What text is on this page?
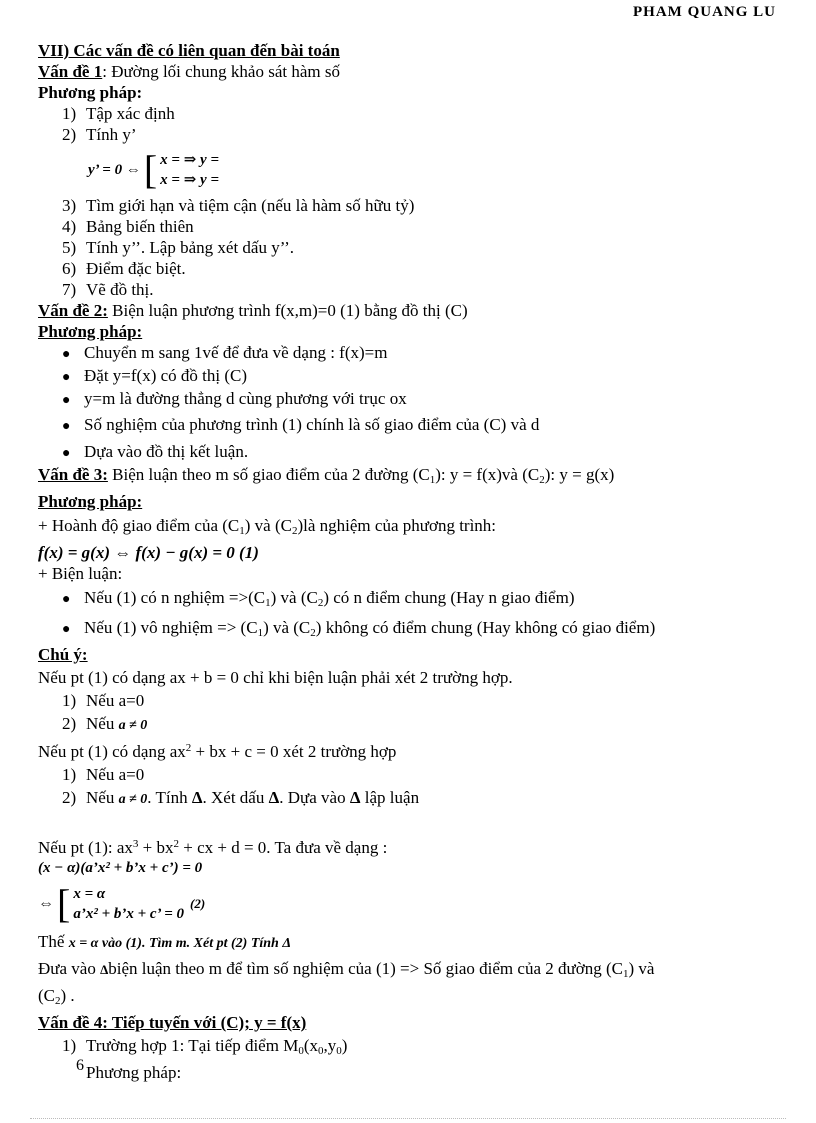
PHAM QUANG LU
VII) Các vấn đề có liên quan đến bài toán
Vấn đề 1: Đường lối chung khảo sát hàm số
Phương pháp:
1) Tập xác định
2) Tính y’
y’ = 0 ⇔ [ x = ⇒ y =
x = ⇒ y =
3) Tìm giới hạn và tiệm cận (nếu là hàm số hữu tỷ)
4) Bảng biến thiên
5) Tính y’’. Lập bảng xét dấu y’’.
6) Điểm đặc biệt.
7) Vẽ đồ thị.
Vấn đề 2: Biện luận phương trình f(x,m)=0 (1) bằng đồ thị (C)
Phương pháp:
● Chuyển m sang 1vế để đưa về dạng : f(x)=m
● Đặt y=f(x) có đồ thị (C)
● y=m là đường thẳng d cùng phương với trục ox
● Số nghiệm của phương trình (1) chính là số giao điểm của (C) và d
● Dựa vào đồ thị kết luận.
Vấn đề 3: Biện luận theo m số giao điểm của 2 đường $(C_1)$: y = f(x)và $(C_2)$: y = g(x)
Phương pháp:
+ Hoành độ giao điểm của $(C_1)$ và $(C_2)là$ nghiệm của phương trình:
f(x) = g(x) ⇔ f(x) − g(x) = 0 (1)
+ Biện luận:
● Nếu (1) có n nghiệm $=>(C_1)$ và $(C_2)$ có n điểm chung (Hay n giao điểm)
● Nếu (1) vô nghiệm => $(C_1)$ và $(C_2)$ không có điểm chung (Hay không có giao điểm)
Chú ý:
Nếu pt (1) có dạng ax + b = 0 chỉ khi biện luận phải xét 2 trường hợp.
1) Nếu a=0
2) Nếu a ≠ 0
Nếu pt (1) có dạng $ax^2$ + bx + c = 0 xét 2 trường hợp
1) Nếu a=0
2) Nếu a ≠ 0. Tính Δ. Xét dấu Δ. Dựa vào Δ lập luận
Nếu pt (1): $ax^3 + bx^2$ + cx + d = 0. Ta đưa về dạng :
(x − α)(a’x² + b’x + c’) = 0
⇔ [ x = α
a’x² + b’x + c’ = 0
(2)
Thế x = α vào (1). Tìm m. Xét pt (2) Tính Δ
Đưa vào Δbiện luận theo m để tìm số nghiệm của (1) => Số giao điểm của 2 đường $(C_1)$ và
$(C_2)$ .
Vấn đề 4: Tiếp tuyến với (C); y = f(x)
1) Trường hợp 1: Tại tiếp điểm $M_0(x_0,y_0)$
Phương pháp:
6
